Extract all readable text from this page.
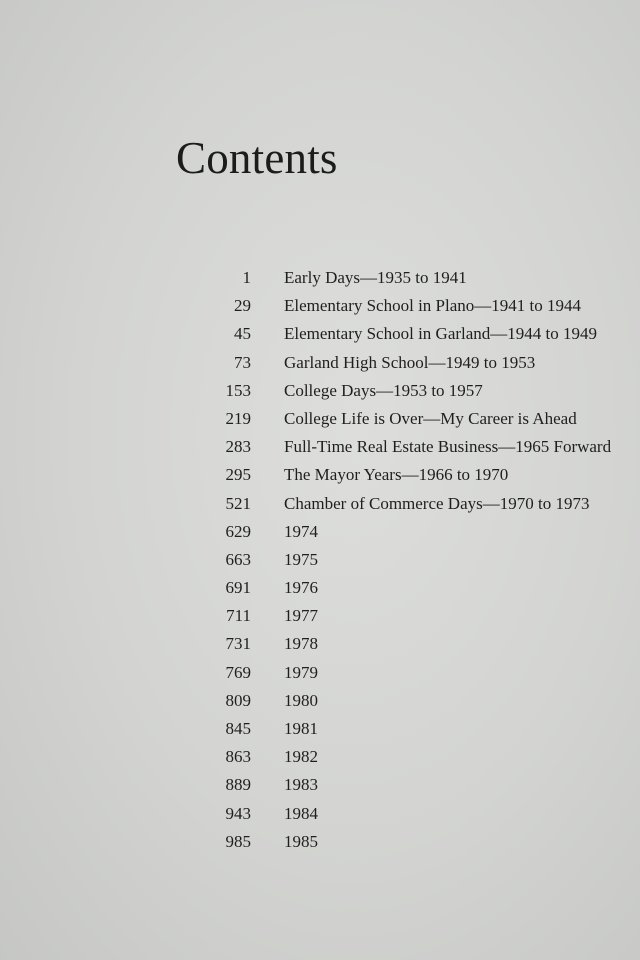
Contents
1 Early Days—1935 to 1941
29 Elementary School in Plano—1941 to 1944
45 Elementary School in Garland—1944 to 1949
73 Garland High School—1949 to 1953
153 College Days—1953 to 1957
219 College Life is Over—My Career is Ahead
283 Full-Time Real Estate Business—1965 Forward
295 The Mayor Years—1966 to 1970
521 Chamber of Commerce Days—1970 to 1973
629 1974
663 1975
691 1976
711 1977
731 1978
769 1979
809 1980
845 1981
863 1982
889 1983
943 1984
985 1985
